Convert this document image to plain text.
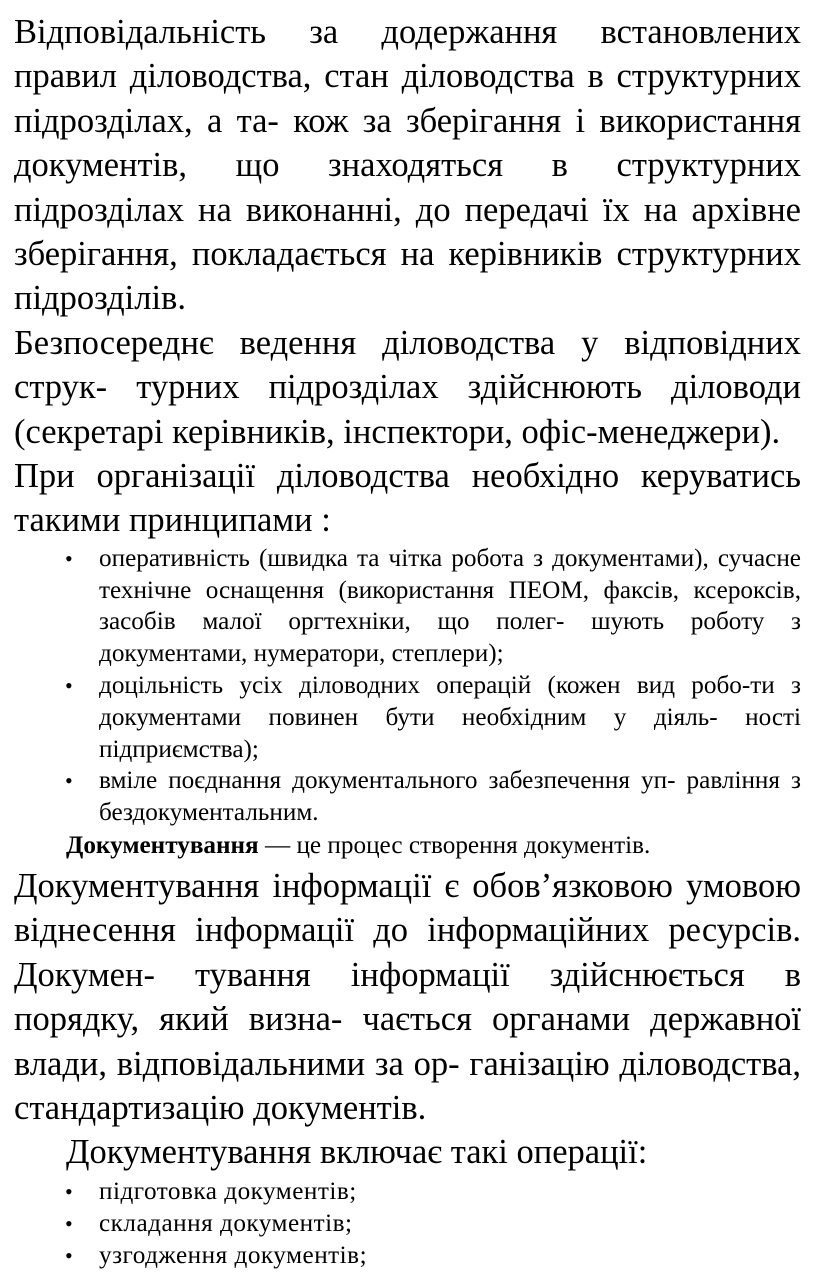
Відповідальність за додержання встановлених правил діловодства, стан діловодства в структурних підрозділах, а та- кож за зберігання і використання документів, що знаходяться в структурних підрозділах на виконанні, до передачі їх на архівне зберігання, покладається на керівників структурних підрозділів.

Безпосереднє ведення діловодства у відповідних струк- турних підрозділах здійснюють діловоди (секретарі керівників, інспектори, офіс-менеджери).

При організації діловодства необхідно керуватись такими принципами :

• оперативність (швидка та чітка робота з документами), сучасне технічне оснащення (використання ПЕОМ, факсів, ксероксів, засобів малої оргтехніки, що полег- шують роботу з документами, нумератори, степлери);
• доцільність усіх діловодних операцій (кожен вид робо-ти з документами повинен бути необхідним у діяль- ності підприємства);
• вміле поєднання документального забезпечення уп- равління з бездокументальним.

Документування — це процес створення документів.

Документування інформації є обов’язковою умовою віднесення інформації до інформаційних ресурсів. Докумен- тування інформації здійснюється в порядку, який визна- чається органами державної влади, відповідальними за ор- ганізацію діловодства, стандартизацію документів.

Документування включає такі операції:

• підготовка документів;
• складання документів;
• узгодження документів;
